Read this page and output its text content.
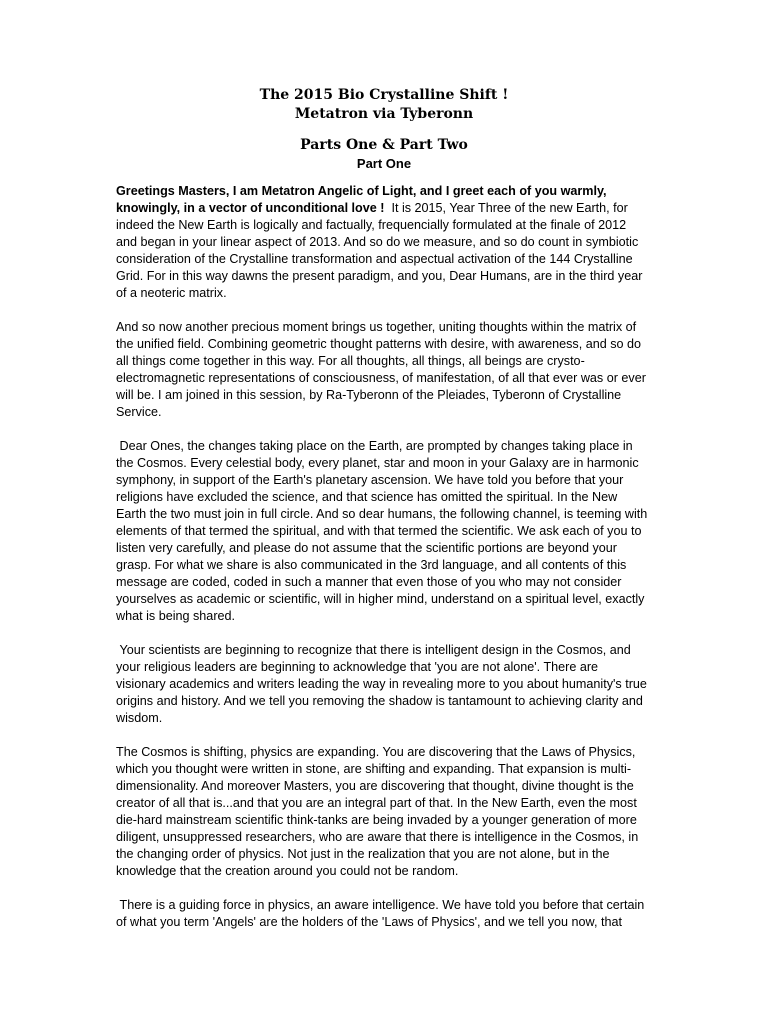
The 2015 Bio Crystalline Shift !
Metatron via Tyberonn
Parts One & Part Two
Part One

Greetings Masters, I am Metatron Angelic of Light, and I greet each of you warmly, knowingly, in a vector of unconditional love !  It is 2015, Year Three of the new Earth, for indeed the New Earth is logically and factually, frequencially formulated at the finale of 2012 and began in your linear aspect of 2013. And so do we measure, and so do count in symbiotic consideration of the Crystalline transformation and aspectual activation of the 144 Crystalline Grid. For in this way dawns the present paradigm, and you, Dear Humans, are in the third year of a neoteric matrix.

And so now another precious moment brings us together, uniting thoughts within the matrix of the unified field. Combining geometric thought patterns with desire, with awareness, and so do all things come together in this way. For all thoughts, all things, all beings are crysto-electromagnetic representations of consciousness, of manifestation, of all that ever was or ever will be. I am joined in this session, by Ra-Tyberonn of the Pleiades, Tyberonn of Crystalline Service.

Dear Ones, the changes taking place on the Earth, are prompted by changes taking place in the Cosmos. Every celestial body, every planet, star and moon in your Galaxy are in harmonic symphony, in support of the Earth's planetary ascension. We have told you before that your religions have excluded the science, and that science has omitted the spiritual. In the New Earth the two must join in full circle. And so dear humans, the following channel, is teeming with elements of that termed the spiritual, and with that termed the scientific. We ask each of you to listen very carefully, and please do not assume that the scientific portions are beyond your grasp. For what we share is also communicated in the 3rd language, and all contents of this message are coded, coded in such a manner that even those of you who may not consider yourselves as academic or scientific, will in higher mind, understand on a spiritual level, exactly what is being shared.

Your scientists are beginning to recognize that there is intelligent design in the Cosmos, and your religious leaders are beginning to acknowledge that 'you are not alone'. There are visionary academics and writers leading the way in revealing more to you about humanity's true origins and history. And we tell you removing the shadow is tantamount to achieving clarity and wisdom.

The Cosmos is shifting, physics are expanding. You are discovering that the Laws of Physics, which you thought were written in stone, are shifting and expanding. That expansion is multi-dimensionality. And moreover Masters, you are discovering that thought, divine thought is the creator of all that is...and that you are an integral part of that. In the New Earth, even the most die-hard mainstream scientific think-tanks are being invaded by a younger generation of more diligent, unsuppressed researchers, who are aware that there is intelligence in the Cosmos, in the changing order of physics. Not just in the realization that you are not alone, but in the knowledge that the creation around you could not be random.

There is a guiding force in physics, an aware intelligence. We have told you before that certain of what you term 'Angels' are the holders of the 'Laws of Physics', and we tell you now, that
